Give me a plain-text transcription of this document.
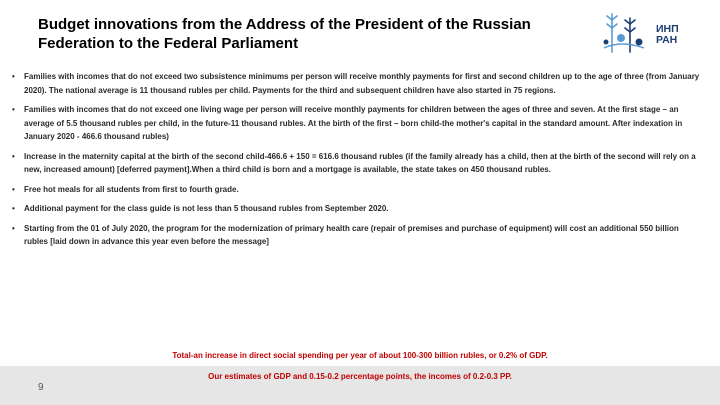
Budget innovations from the Address of the President of the Russian Federation to the Federal Parliament
ИНП
РАН
• Families with incomes that do not exceed two subsistence minimums per person will receive monthly payments for first and second children up to the age of three (from January 2020). The national average is 11 thousand rubles per child. Payments for the third and subsequent children have also started in 75 regions.
• Families with incomes that do not exceed one living wage per person will receive monthly payments for children between the ages of three and seven. At the first stage – an average of 5.5 thousand rubles per child, in the future-11 thousand rubles. At the birth of the first – born child-the mother's capital in the standard amount. After indexation in January 2020 - 466.6 thousand rubles)
• Increase in the maternity capital at the birth of the second child-466.6 + 150 = 616.6 thousand rubles (if the family already has a child, then at the birth of the second will rely on a new, increased amount) [deferred payment].When a third child is born and a mortgage is available, the state takes on 450 thousand rubles.
• Free hot meals for all students from first to fourth grade.
• Additional payment for the class guide is not less than 5 thousand rubles from September 2020.
• Starting from the 01 of July 2020, the program for the modernization of primary health care (repair of premises and purchase of equipment) will cost an additional 550 billion rubles [laid down in advance this year even before the message]
Total-an increase in direct social spending per year of about 100-300 billion rubles, or 0.2% of GDP.
Our estimates of GDP and 0.15-0.2 percentage points, the incomes of 0.2-0.3 PP.
9
